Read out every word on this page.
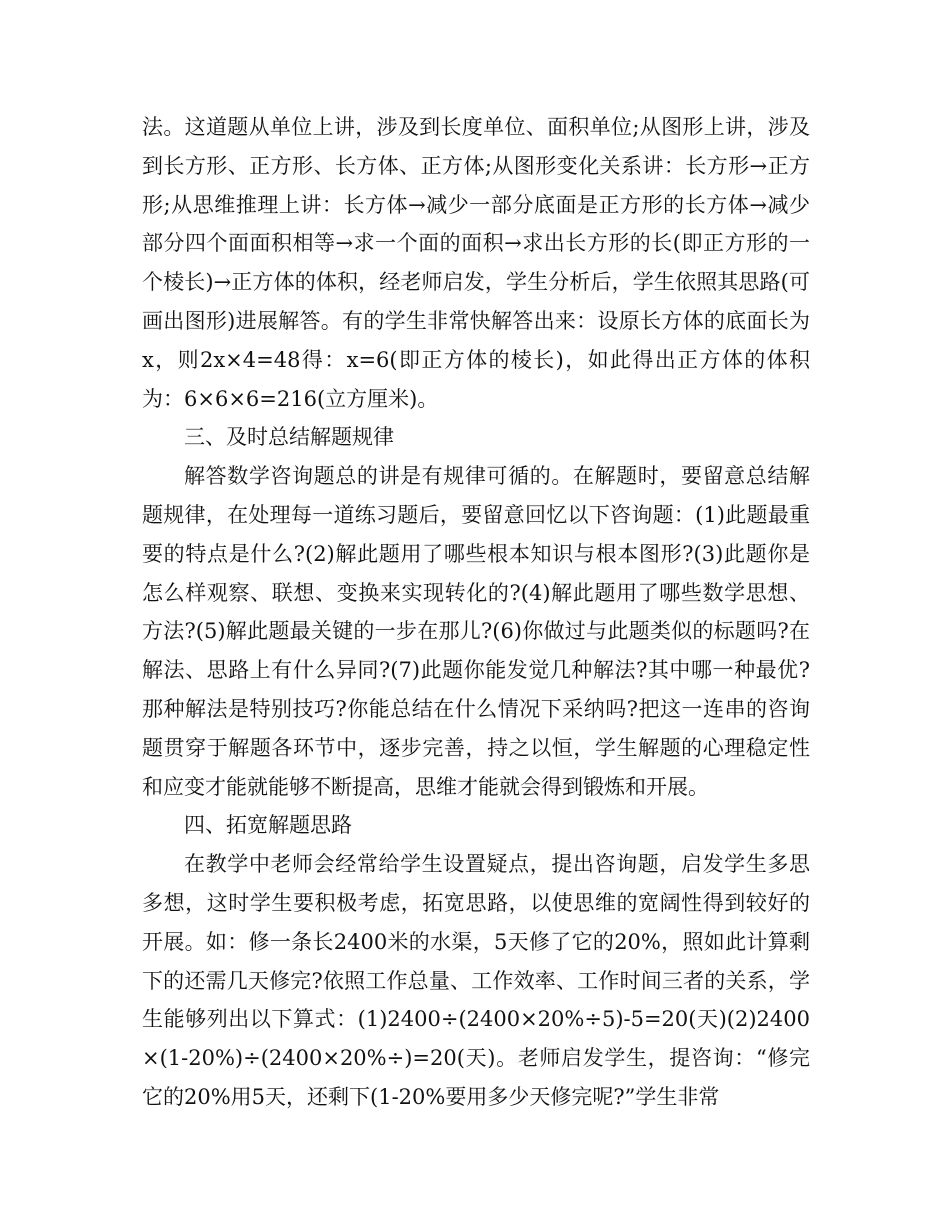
法。这道题从单位上讲，涉及到长度单位、面积单位;从图形上讲，涉及到长方形、正方形、长方体、正方体;从图形变化关系讲：长方形→正方形;从思维推理上讲：长方体→减少一部分底面是正方形的长方体→减少部分四个面面积相等→求一个面的面积→求出长方形的长(即正方形的一个棱长)→正方体的体积，经老师启发，学生分析后，学生依照其思路(可画出图形)进展解答。有的学生非常快解答出来：设原长方体的底面长为x，则2x×4=48得：x=6(即正方体的棱长)，如此得出正方体的体积为：6×6×6=216(立方厘米)。

三、及时总结解题规律

解答数学咨询题总的讲是有规律可循的。在解题时，要留意总结解题规律，在处理每一道练习题后，要留意回忆以下咨询题：(1)此题最重要的特点是什么?(2)解此题用了哪些根本知识与根本图形?(3)此题你是怎么样观察、联想、变换来实现转化的?(4)解此题用了哪些数学思想、方法?(5)解此题最关键的一步在那儿?(6)你做过与此题类似的标题吗?在解法、思路上有什么异同?(7)此题你能发觉几种解法?其中哪一种最优?那种解法是特别技巧?你能总结在什么情况下采纳吗?把这一连串的咨询题贯穿于解题各环节中，逐步完善，持之以恒，学生解题的心理稳定性和应变才能就能够不断提高，思维才能就会得到锻炼和开展。

四、拓宽解题思路

在教学中老师会经常给学生设置疑点，提出咨询题，启发学生多思多想，这时学生要积极考虑，拓宽思路，以使思维的宽阔性得到较好的开展。如：修一条长2400米的水渠，5天修了它的20%，照如此计算剩下的还需几天修完?依照工作总量、工作效率、工作时间三者的关系，学生能够列出以下算式：(1)2400÷(2400×20%÷5)-5=20(天)(2)2400×(1-20%)÷(2400×20%÷)=20(天)。老师启发学生，提咨询：“修完它的20%用5天，还剩下(1-20%要用多少天修完呢?”学生非常
